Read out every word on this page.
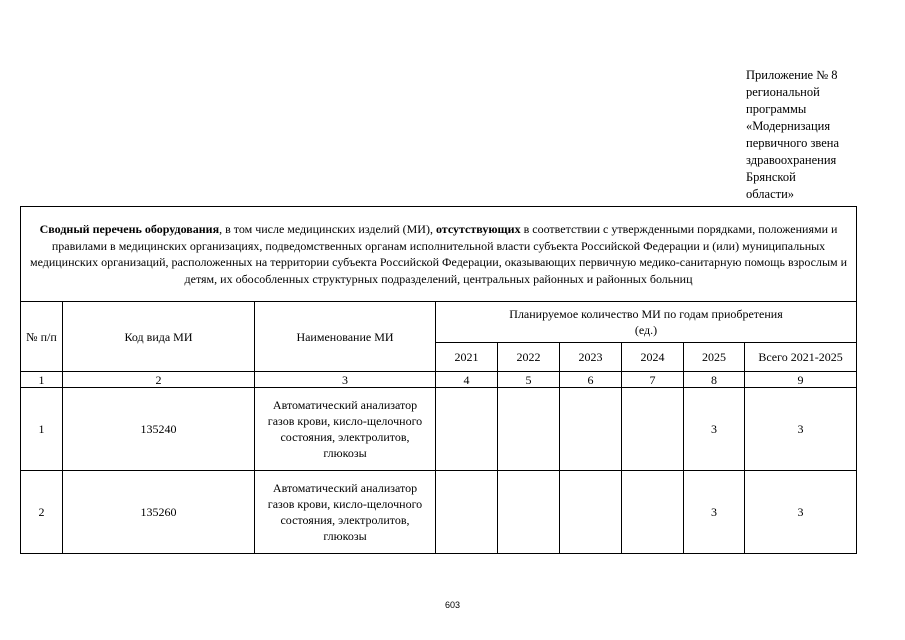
Приложение № 8
региональной
программы
«Модернизация
первичного звена
здравоохранения
Брянской
области»
Сводный перечень оборудования, в том числе медицинских изделий (МИ), отсутствующих в соответствии с утвержденными порядками, положениями и правилами в медицинских организациях, подведомственных органам исполнительной власти субъекта Российской Федерации и (или) муниципальных медицинских организаций, расположенных на территории субъекта Российской Федерации, оказывающих первичную медико-санитарную помощь взрослым и детям, их обособленных структурных подразделений, центральных районных и районных больниц								
№ п/п	Код вида МИ	Наименование МИ	Планируемое количество МИ по годам приобретения
(ед.)					

			2021	2022	2023	2024	2025	Всего 2021-2025
1	2	3	4	5	6	7	8	9
1	135240	Автоматический анализатор
газов крови, кисло-щелочного
состояния, электролитов,
глюкозы					3	3
2	135260	Автоматический анализатор
газов крови, кисло-щелочного
состояния, электролитов,
глюкозы					3	3
603
